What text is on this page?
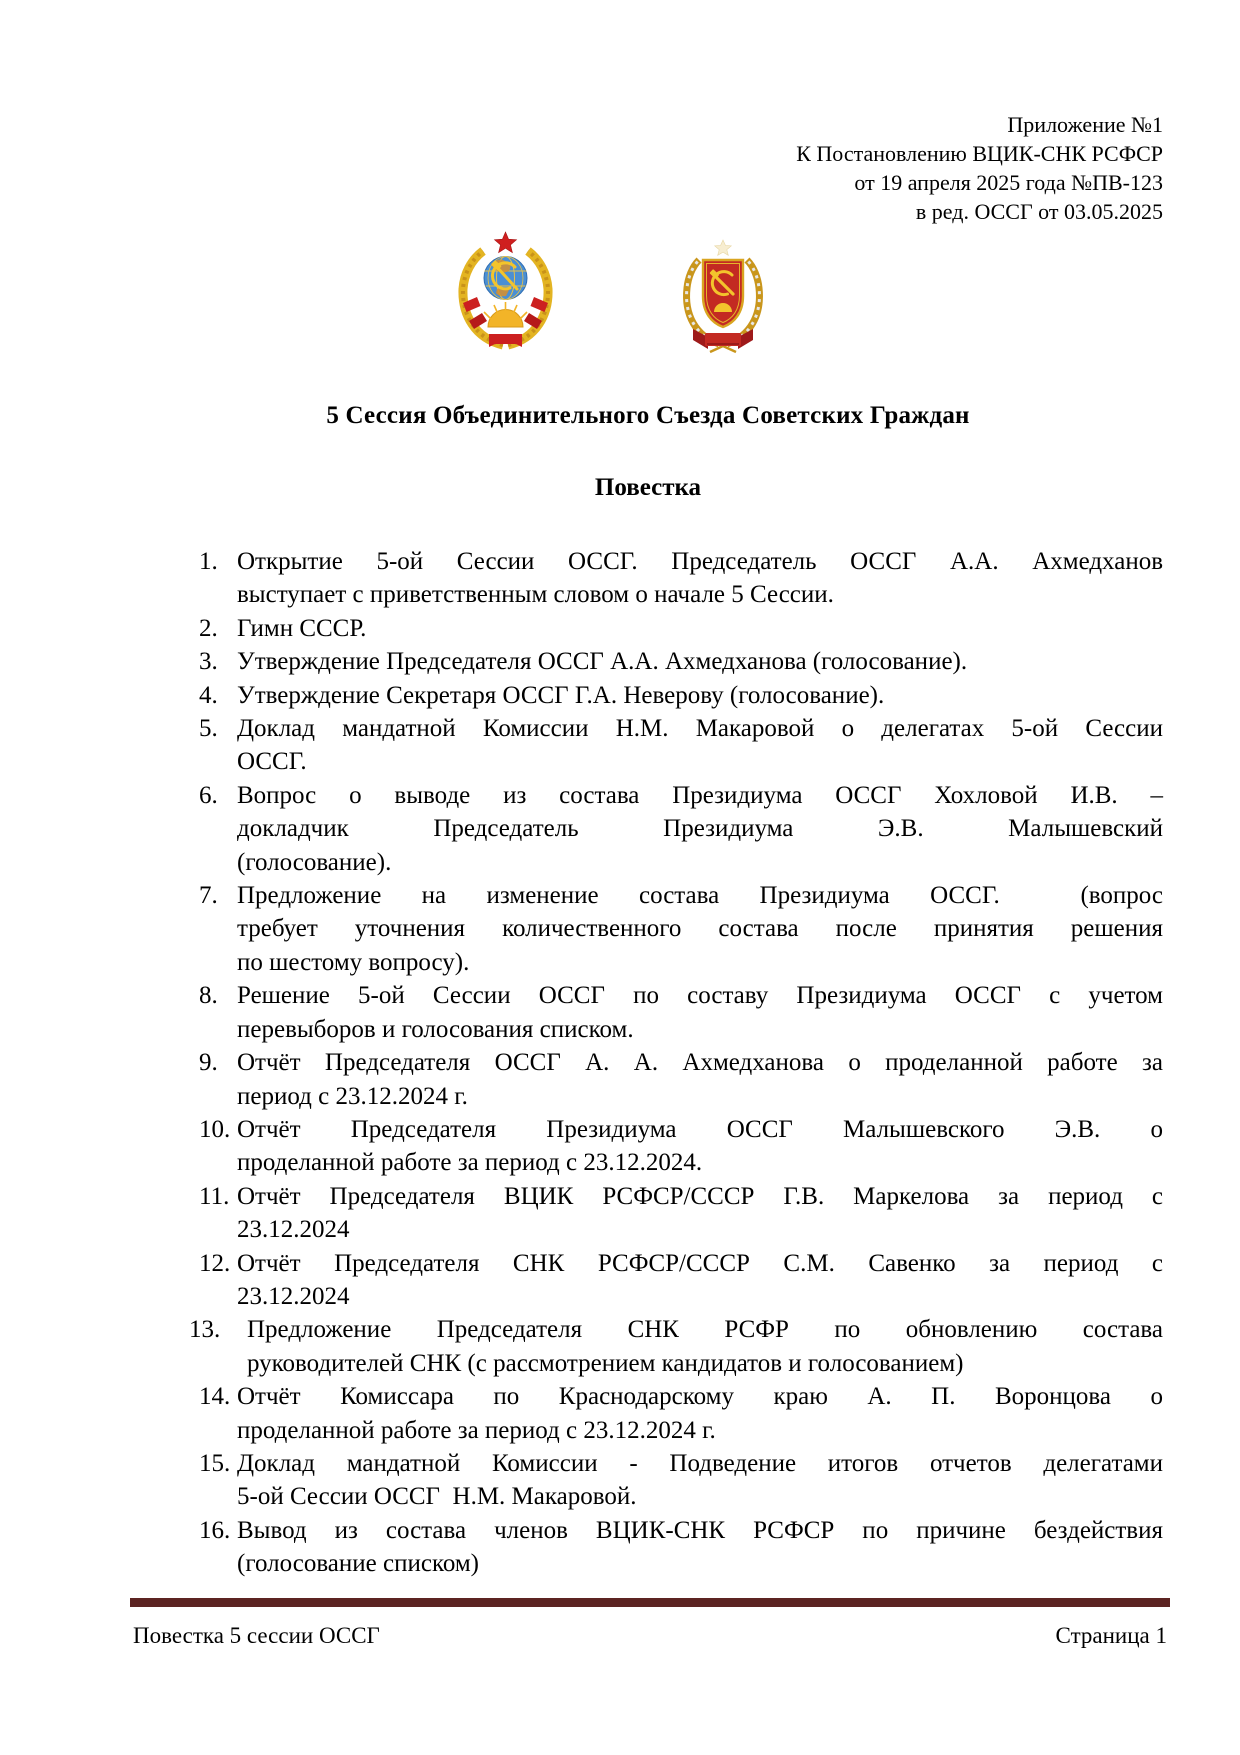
Приложение №1
К Постановлению ВЦИК-СНК РСФСР
от 19 апреля 2025 года №ПВ-123
в ред. ОССГ от 03.05.2025
5 Сессия Объединительного Съезда Советских Граждан
Повестка
1. Открытие 5-ой Сессии ОССГ. Председатель ОССГ А.А. Ахмедханов
выступает с приветственным словом о начале 5 Сессии.
2. Гимн СССР.
3. Утверждение Председателя ОССГ А.А. Ахмедханова (голосование).
4. Утверждение Секретаря ОССГ Г.А. Неверову (голосование).
5. Доклад мандатной Комиссии Н.М. Макаровой о делегатах 5-ой Сессии
ОССГ.
6. Вопрос о выводе из состава Президиума ОССГ Хохловой И.В. –
докладчик Председатель Президиума Э.В. Малышевский
(голосование).
7. Предложение на изменение состава Президиума ОССГ.  (вопрос
требует уточнения количественного состава после принятия решения
по шестому вопросу).
8. Решение 5-ой Сессии ОССГ по составу Президиума ОССГ с учетом
перевыборов и голосования списком.
9. Отчёт Председателя ОССГ А. А. Ахмедханова о проделанной работе за
период с 23.12.2024 г.
10. Отчёт Председателя Президиума ОССГ Малышевского Э.В. о
проделанной работе за период с 23.12.2024.
11. Отчёт Председателя ВЦИК РСФСР/СССР Г.В. Маркелова за период с
23.12.2024
12. Отчёт Председателя СНК РСФСР/СССР С.М. Савенко за период с
23.12.2024
13.	Предложение Председателя СНК РСФР по обновлению состава
руководителей СНК (с рассмотрением кандидатов и голосованием)
14. Отчёт Комиссара по Краснодарскому краю А. П. Воронцова о
проделанной работе за период с 23.12.2024 г.
15. Доклад мандатной Комиссии - Подведение итогов отчетов делегатами
5-ой Сессии ОССГ  Н.М. Макаровой.
16. Вывод из состава членов ВЦИК-СНК РСФСР по причине бездействия
(голосование списком)
Повестка 5 сессии ОССГ	Страница 1
